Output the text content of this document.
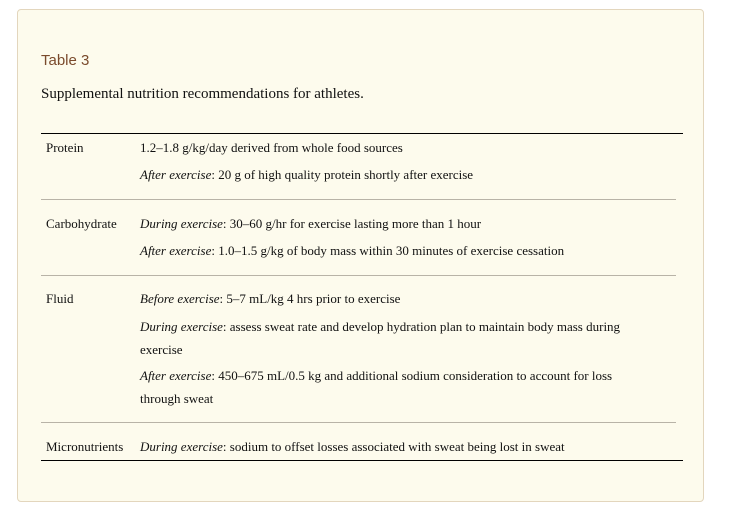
Table 3

Supplemental nutrition recommendations for athletes.

Protein	1.2–1.8 g/kg/day derived from whole food sources

After exercise: 20 g of high quality protein shortly after exercise

Carbohydrate During exercise: 30–60 g/hr for exercise lasting more than 1 hour

After exercise: 1.0–1.5 g/kg of body mass within 30 minutes of exercise cessation

Fluid	Before exercise: 5–7 mL/kg 4 hrs prior to exercise

During exercise: assess sweat rate and develop hydration plan to maintain body mass during

exercise

After exercise: 450–675 mL/0.5 kg and additional sodium consideration to account for loss

through sweat

Micronutrients During exercise: sodium to offset losses associated with sweat being lost in sweat
